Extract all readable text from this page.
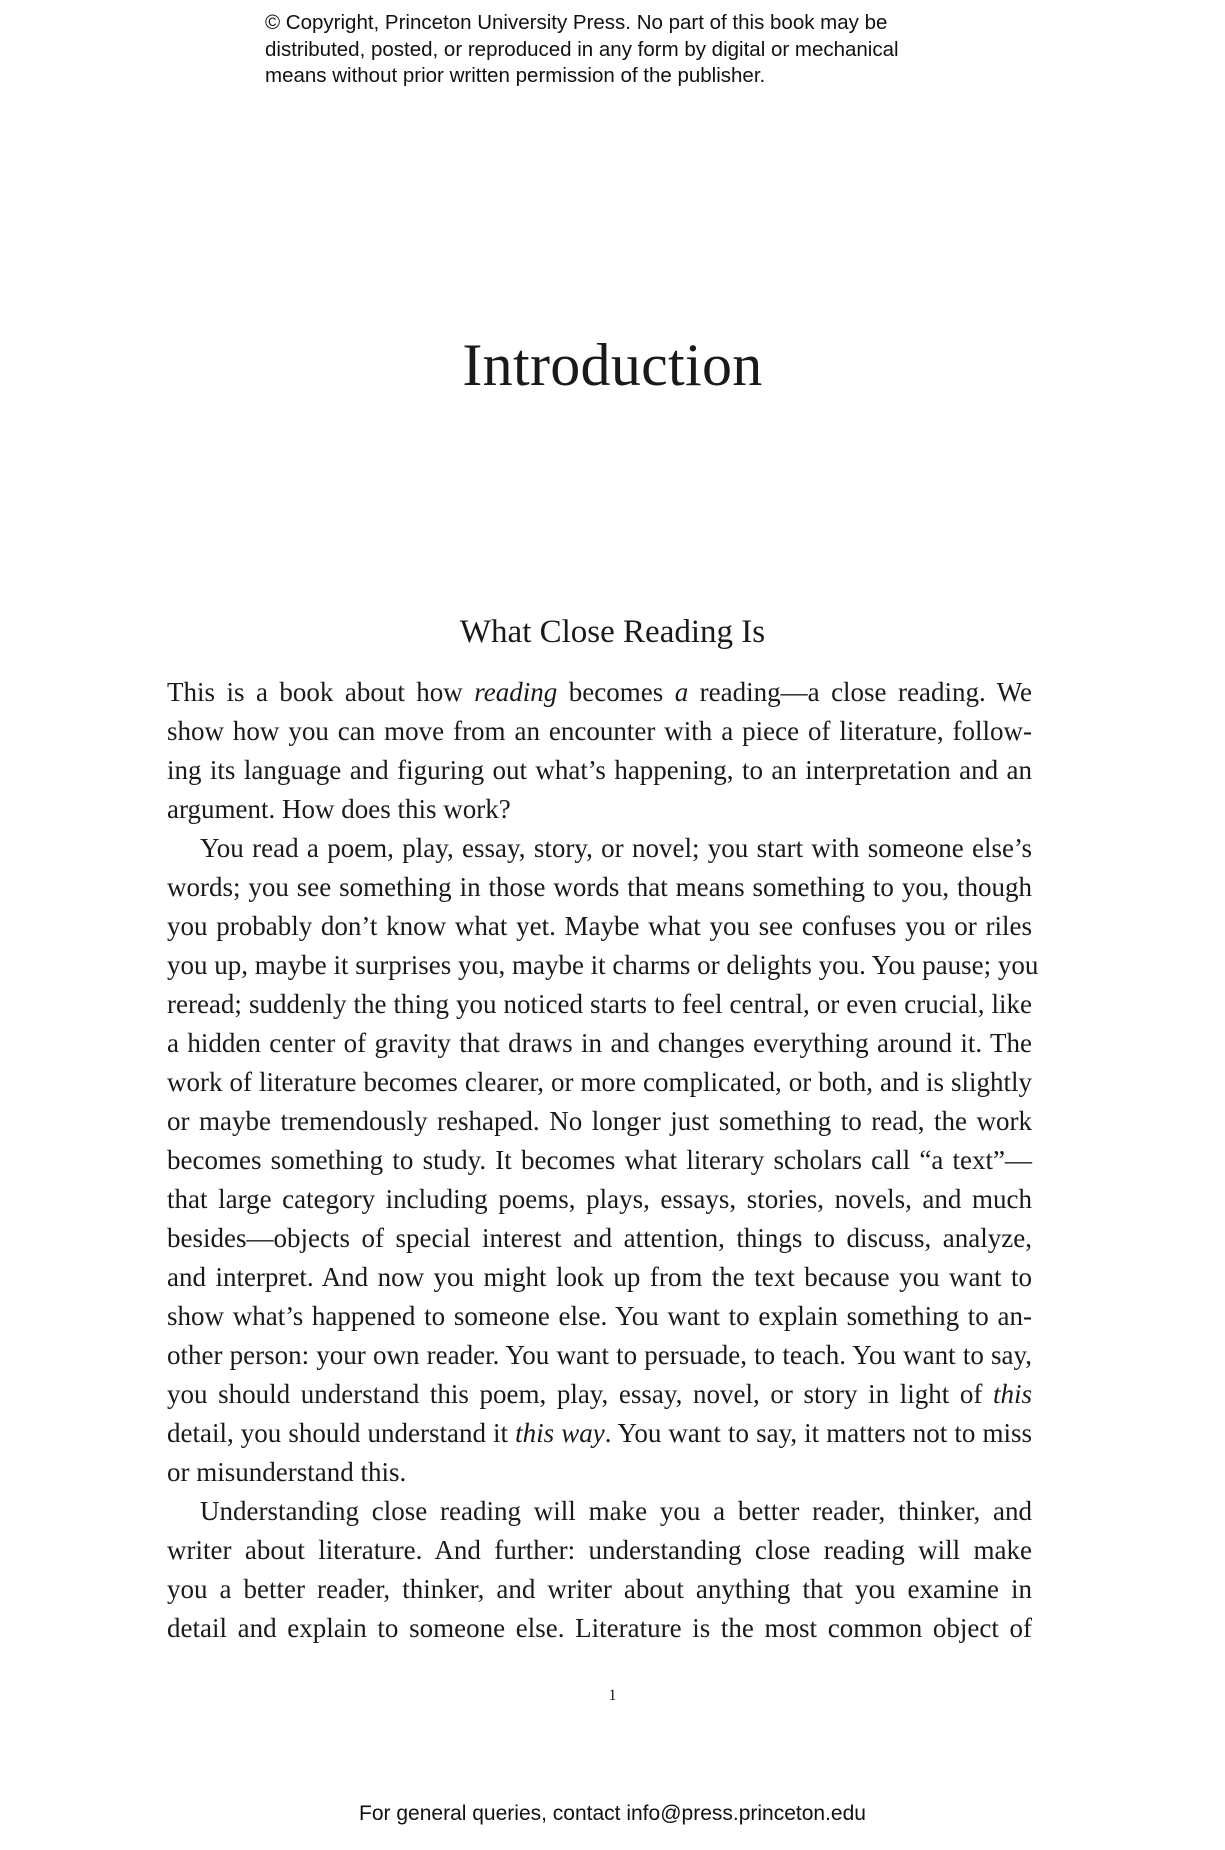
© Copyright, Princeton University Press. No part of this book may be
distributed, posted, or reproduced in any form by digital or mechanical
means without prior written permission of the publisher.
Introduction
What Close Reading Is
This is a book about how reading becomes a reading—a close reading. We
show how you can move from an encounter with a piece of literature, follow-
ing its language and figuring out what’s happening, to an interpretation and an
argument. How does this work?
You read a poem, play, essay, story, or novel; you start with someone else’s
words; you see something in those words that means something to you, though
you probably don’t know what yet. Maybe what you see confuses you or riles
you up, maybe it surprises you, maybe it charms or delights you. You pause; you
reread; suddenly the thing you noticed starts to feel central, or even crucial, like
a hidden center of gravity that draws in and changes everything around it. The
work of literature becomes clearer, or more complicated, or both, and is slightly
or maybe tremendously reshaped. No longer just something to read, the work
becomes something to study. It becomes what literary scholars call “a text”—
that large category including poems, plays, essays, stories, novels, and much
besides—objects of special interest and attention, things to discuss, analyze,
and interpret. And now you might look up from the text because you want to
show what’s happened to someone else. You want to explain something to an-
other person: your own reader. You want to persuade, to teach. You want to say,
you should understand this poem, play, essay, novel, or story in light of this
detail, you should understand it this way. You want to say, it matters not to miss
or misunderstand this.
Understanding close reading will make you a better reader, thinker, and
writer about literature. And further: understanding close reading will make
you a better reader, thinker, and writer about anything that you examine in
detail and explain to someone else. Literature is the most common object of
1
For general queries, contact info@press.princeton.edu
